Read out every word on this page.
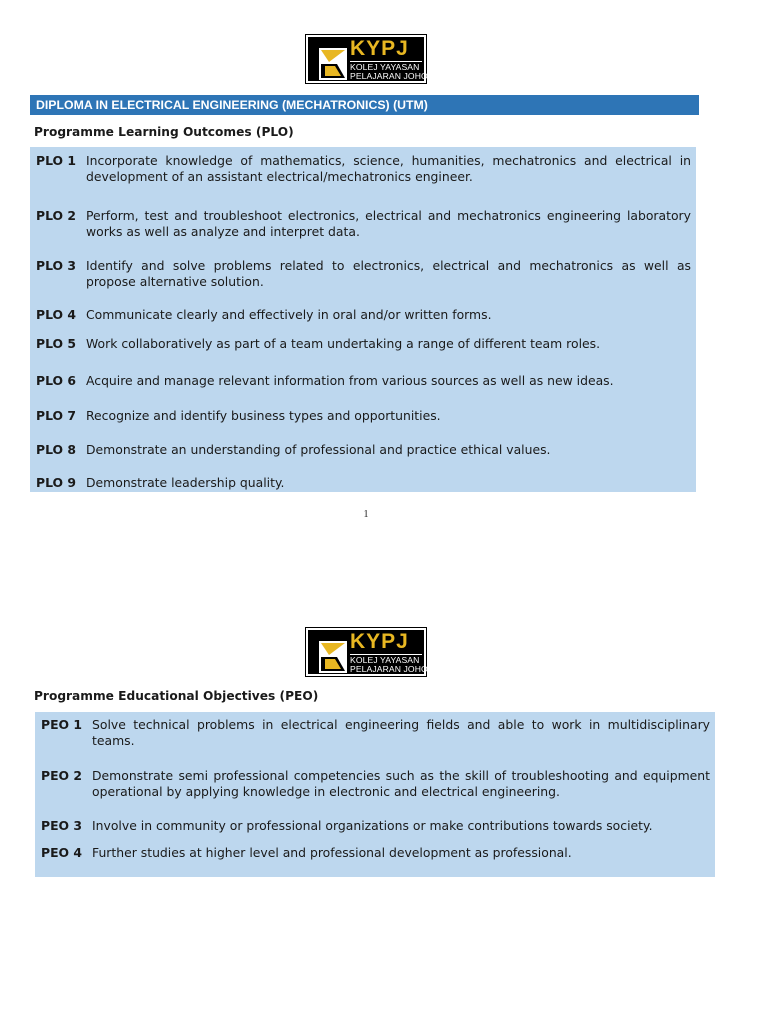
KYPJ
KOLEJ YAYASAN
PELAJARAN JOHOR
DIPLOMA IN ELECTRICAL ENGINEERING (MECHATRONICS) (UTM)
Programme Learning Outcomes (PLO)
PLO 1 Incorporate knowledge of mathematics, science, humanities, mechatronics and electrical in development of an assistant electrical/mechatronics engineer.
PLO 2 Perform, test and troubleshoot electronics, electrical and mechatronics engineering laboratory works as well as analyze and interpret data.
PLO 3 Identify and solve problems related to electronics, electrical and mechatronics as well as propose alternative solution.
PLO 4 Communicate clearly and effectively in oral and/or written forms.
PLO 5 Work collaboratively as part of a team undertaking a range of different team roles.
PLO 6 Acquire and manage relevant information from various sources as well as new ideas.
PLO 7 Recognize and identify business types and opportunities.
PLO 8 Demonstrate an understanding of professional and practice ethical values.
PLO 9 Demonstrate leadership quality.
1
KYPJ
KOLEJ YAYASAN
PELAJARAN JOHOR
Programme Educational Objectives (PEO)
PEO 1 Solve technical problems in electrical engineering fields and able to work in multidisciplinary teams.
PEO 2 Demonstrate semi professional competencies such as the skill of troubleshooting and equipment operational by applying knowledge in electronic and electrical engineering.
PEO 3 Involve in community or professional organizations or make contributions towards society.
PEO 4 Further studies at higher level and professional development as professional.
